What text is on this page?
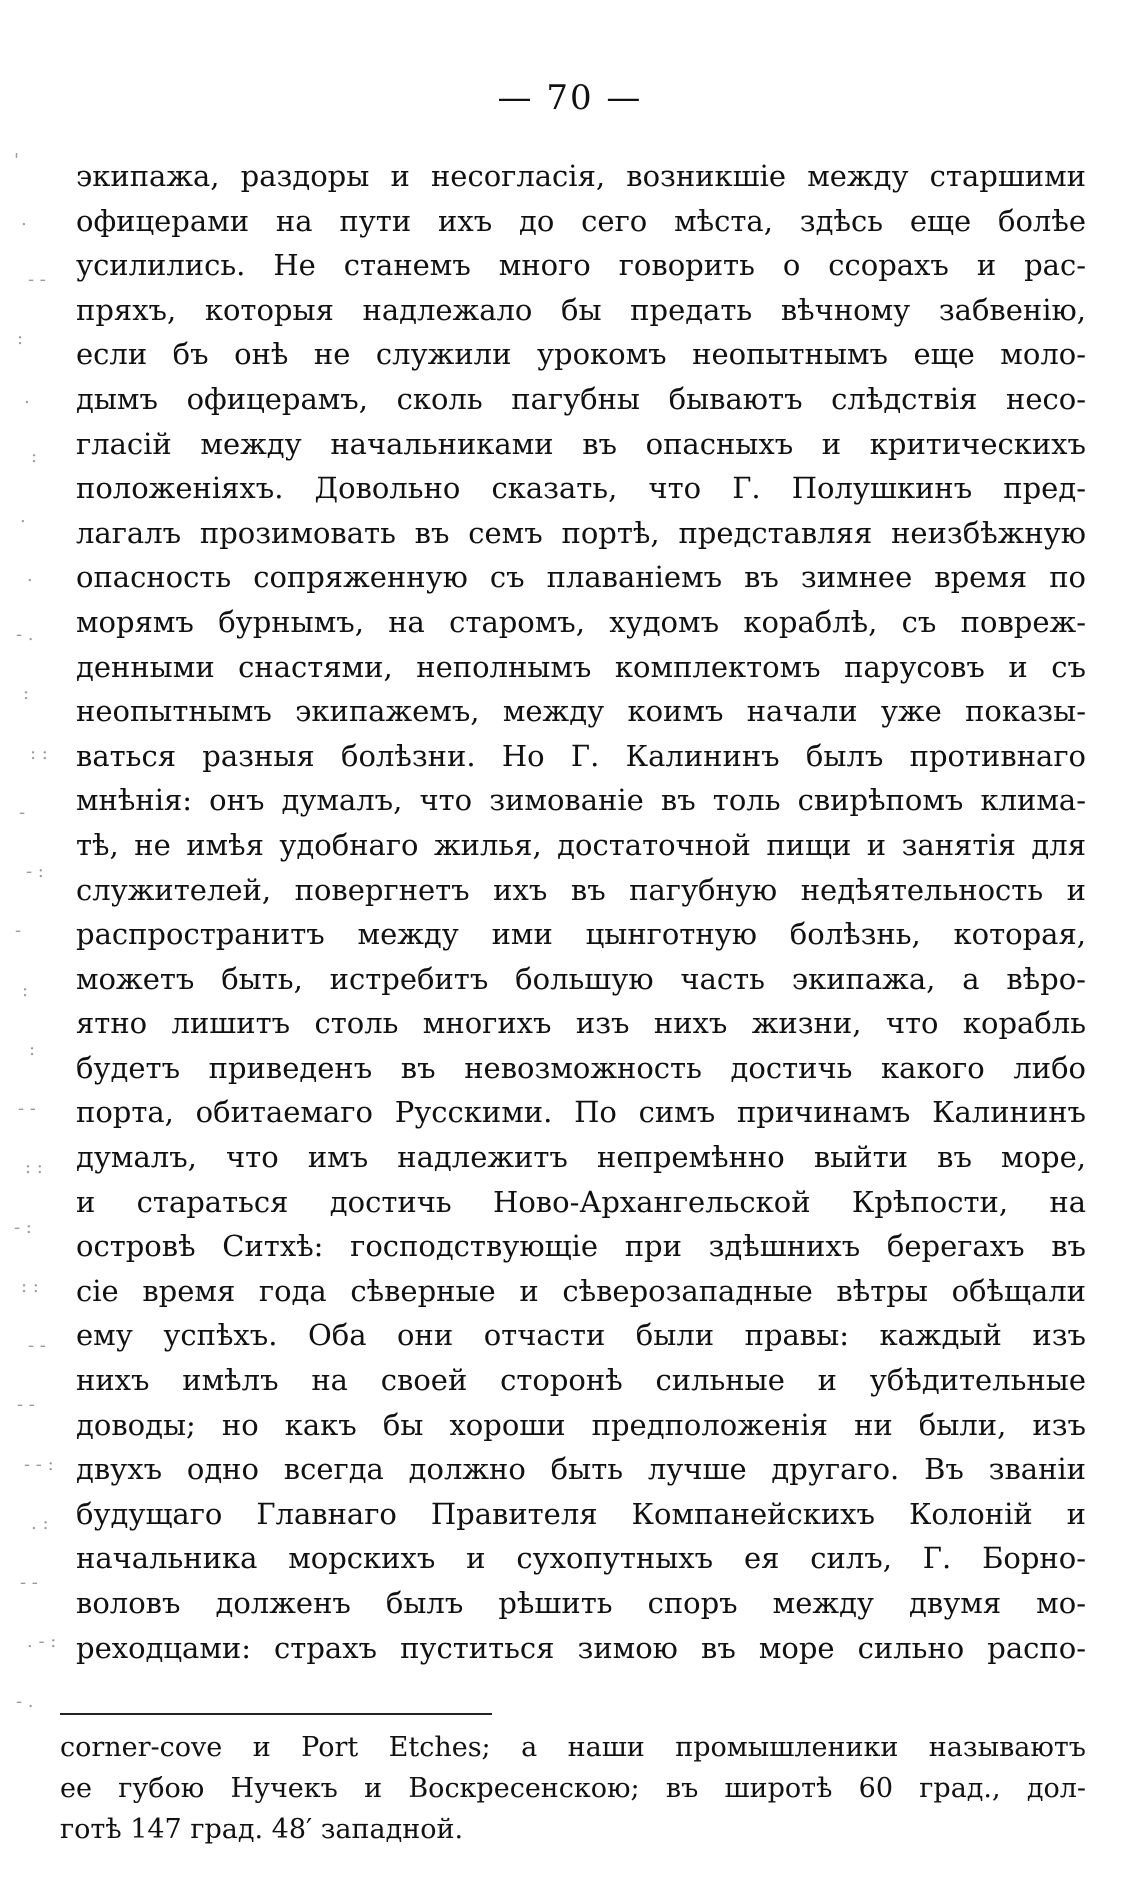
— 70 —
'
.
- -
:
.
:
.
.
- .
:
: :
-
- :
-
:
:
- -
: :
- :
: :
- -
- -
- - :
. :
- -
. - :
- .
экипажа, раздоры и несогласія, возникшіе между старшими
офицерами на пути ихъ до сего мѣста, здѣсь еще болѣе
усилились. Не станемъ много говорить о ссорахъ и рас-
пряхъ, которыя надлежало бы предать вѣчному забвенію,
если бъ онѣ не служили урокомъ неопытнымъ еще моло-
дымъ офицерамъ, сколь пагубны бываютъ слѣдствія несо-
гласій между начальниками въ опасныхъ и критическихъ
положеніяхъ. Довольно сказать, что Г. Полушкинъ пред-
лагалъ прозимовать въ семъ портѣ, представляя неизбѣжную
опасность сопряженную съ плаваніемъ въ зимнее время по
морямъ бурнымъ, на старомъ, худомъ кораблѣ, съ повреж-
денными снастями, неполнымъ комплектомъ парусовъ и съ
неопытнымъ экипажемъ, между коимъ начали уже показы-
ваться разныя болѣзни. Но Г. Калининъ былъ противнаго
мнѣнія: онъ думалъ, что зимованіе въ толь свирѣпомъ клима-
тѣ, не имѣя удобнаго жилья, достаточной пищи и занятія для
служителей, повергнетъ ихъ въ пагубную недѣятельность и
распространитъ между ими цынготную болѣзнь, которая,
можетъ быть, истребитъ большую часть экипажа, а вѣро-
ятно лишитъ столь многихъ изъ нихъ жизни, что корабль
будетъ приведенъ въ невозможность достичь какого либо
порта, обитаемаго Русскими. По симъ причинамъ Калининъ
думалъ, что имъ надлежитъ непремѣнно выйти въ море,
и стараться достичь Ново-Архангельской Крѣпости, на
островѣ Ситхѣ: господствующіе при здѣшнихъ берегахъ въ
сіе время года сѣверные и сѣверозападные вѣтры обѣщали
ему успѣхъ. Оба они отчасти были правы: каждый изъ
нихъ имѣлъ на своей сторонѣ сильные и убѣдительные
доводы; но какъ бы хороши предположенія ни были, изъ
двухъ одно всегда должно быть лучше другаго. Въ званіи
будущаго Главнаго Правителя Компанейскихъ Колоній и
начальника морскихъ и сухопутныхъ ея силъ, Г. Борно-
воловъ долженъ былъ рѣшить споръ между двумя мо-
реходцами: страхъ пуститься зимою въ море сильно распо-
corner-cove и Port Etches; а наши промышленики называютъ
ее губою Нучекъ и Воскресенскою; въ широтѣ 60 град., дол-
готѣ 147 град. 48′ западной.
